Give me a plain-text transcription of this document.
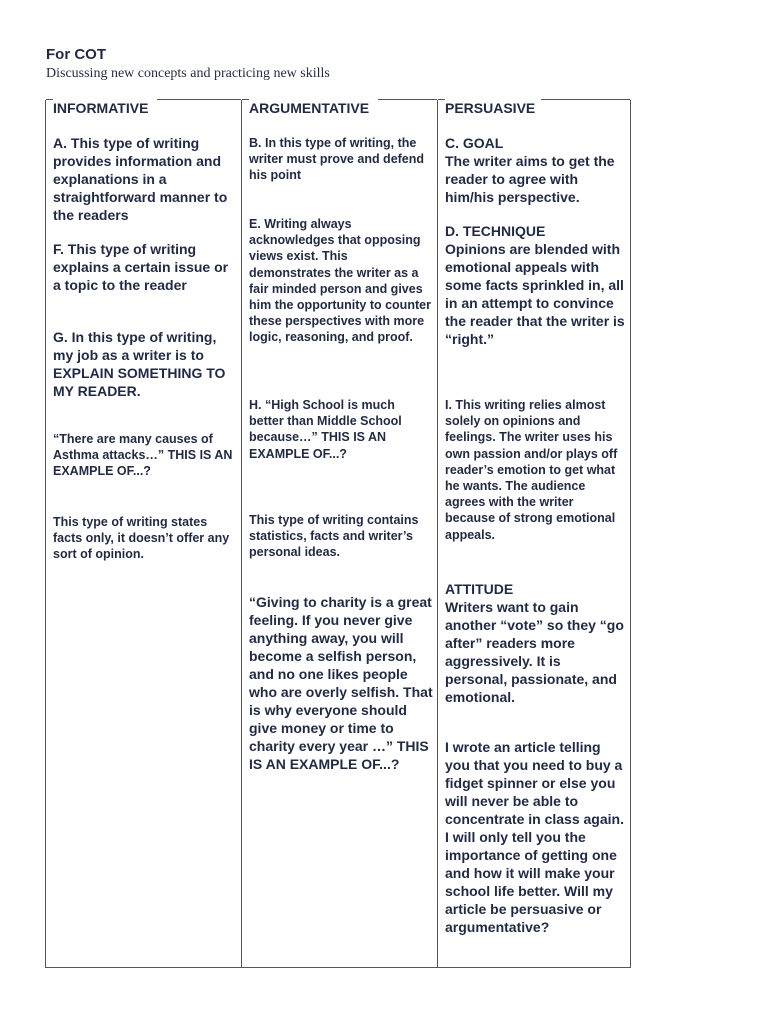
For COT
Discussing new concepts and practicing new skills
INFORMATIVE

A. This type of writing provides information and explanations in a straightforward manner to the readers

F. This type of writing explains a certain issue or a topic to the reader

G. In this type of writing, my job as a writer is to EXPLAIN SOMETHING TO MY READER.

“There are many causes of Asthma attacks…” THIS IS AN EXAMPLE OF...?

This type of writing states facts only, it doesn’t offer any sort of opinion.

ARGUMENTATIVE

B. In this type of writing, the writer must prove and defend his point

E. Writing always acknowledges that opposing views exist. This demonstrates the writer as a fair minded person and gives him the opportunity to counter these perspectives with more logic, reasoning, and proof.

H. “High School is much better than Middle School because…” THIS IS AN EXAMPLE OF...?

This type of writing contains statistics, facts and writer’s personal ideas.

“Giving to charity is a great feeling. If you never give anything away, you will become a selfish person, and no one likes people who are overly selfish. That is why everyone should give money or time to charity every year …” THIS IS AN EXAMPLE OF...?

PERSUASIVE
C. GOAL
The writer aims to get the reader to agree with him/his perspective.
D. TECHNIQUE
Opinions are blended with emotional appeals with some facts sprinkled in, all in an attempt to convince the reader that the writer is “right.”

I. This writing relies almost solely on opinions and feelings. The writer uses his own passion and/or plays off reader’s emotion to get what he wants. The audience agrees with the writer because of strong emotional appeals.

ATTITUDE
Writers want to gain another “vote” so they “go after” readers more aggressively. It is personal, passionate, and emotional.

I wrote an article telling you that you need to buy a fidget spinner or else you will never be able to concentrate in class again. I will only tell you the importance of getting one and how it will make your school life better. Will my article be persuasive or argumentative?
